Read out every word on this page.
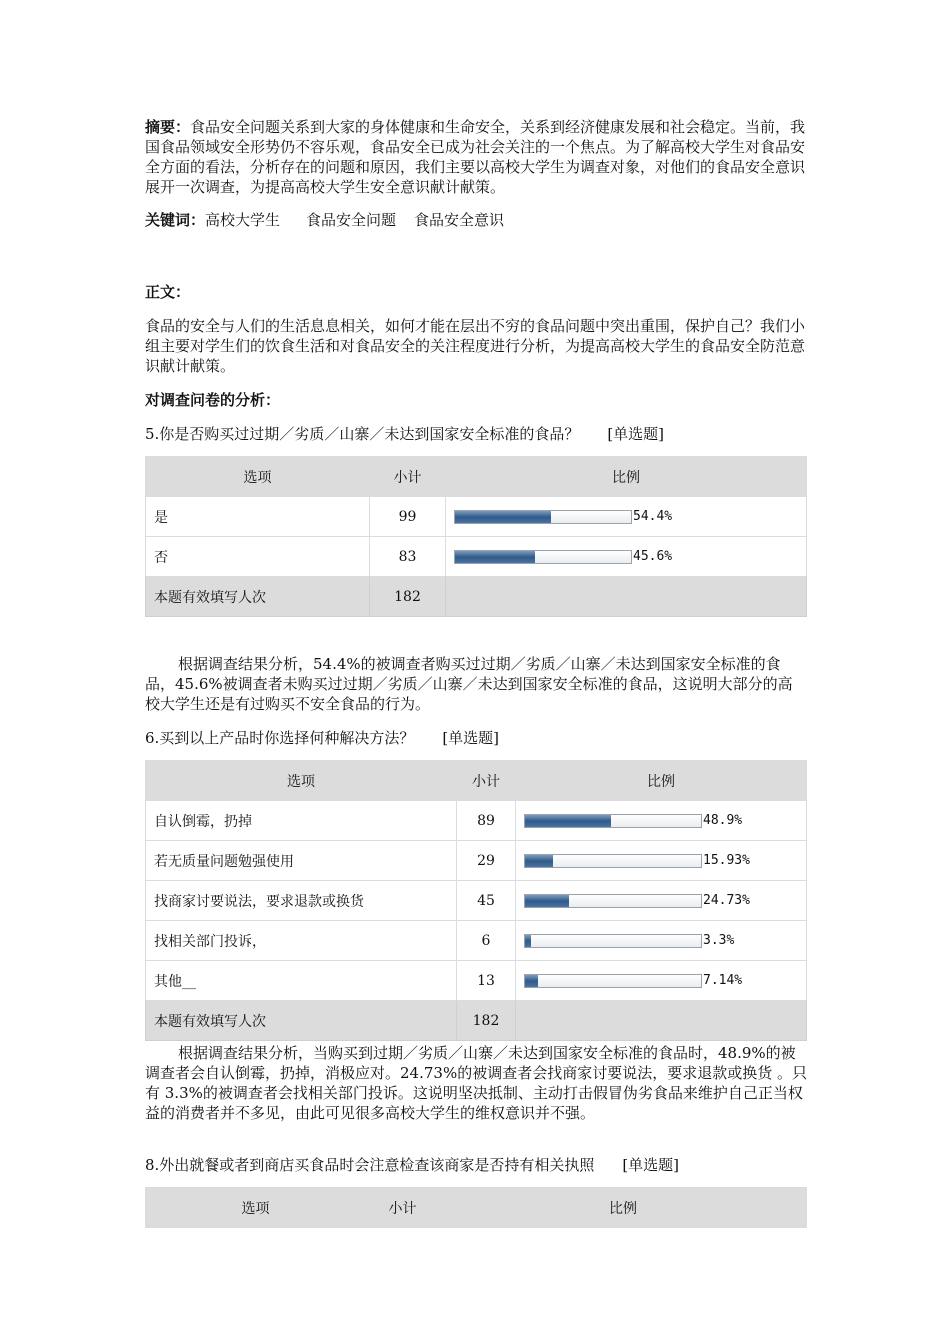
摘要：食品安全问题关系到大家的身体健康和生命安全，关系到经济健康发展和社会稳定。当前，我国食品领域安全形势仍不容乐观，食品安全已成为社会关注的一个焦点。为了解高校大学生对食品安全方面的看法，分析存在的问题和原因，我们主要以高校大学生为调查对象，对他们的食品安全意识展开一次调查，为提高高校大学生安全意识献计献策。

关键词：高校大学生 食品安全问题 食品安全意识

正文：

食品的安全与人们的生活息息相关，如何才能在层出不穷的食品问题中突出重围，保护自己？我们小组主要对学生们的饮食生活和对食品安全的关注程度进行分析，为提高高校大学生的食品安全防范意识献计献策。

对调查问卷的分析：

5.你是否购买过过期／劣质／山寨／未达到国家安全标准的食品？ [单选题]

选项	小计	比例
是	99	54.4%
否	83	45.6%
本题有效填写人次	182	

根据调查结果分析，54.4%的被调查者购买过过期／劣质／山寨／未达到国家安全标准的食品，45.6%被调查者未购买过过期／劣质／山寨／未达到国家安全标准的食品，这说明大部分的高校大学生还是有过购买不安全食品的行为。

6.买到以上产品时你选择何种解决方法？ [单选题]

选项	小计	比例
自认倒霉，扔掉	89	48.9%
若无质量问题勉强使用	29	15.93%
找商家讨要说法，要求退款或换货	45	24.73%
找相关部门投诉，	6	3.3%
其他__	13	7.14%
本题有效填写人次	182	

根据调查结果分析，当购买到过期／劣质／山寨／未达到国家安全标准的食品时，48.9%的被调查者会自认倒霉，扔掉，消极应对。24.73%的被调查者会找商家讨要说法，要求退款或换货 。只有 3.3%的被调查者会找相关部门投诉。这说明坚决抵制、主动打击假冒伪劣食品来维护自己正当权益的消费者并不多见，由此可见很多高校大学生的维权意识并不强。

8.外出就餐或者到商店买食品时会注意检查该商家是否持有相关执照 [单选题]

选项	小计	比例
